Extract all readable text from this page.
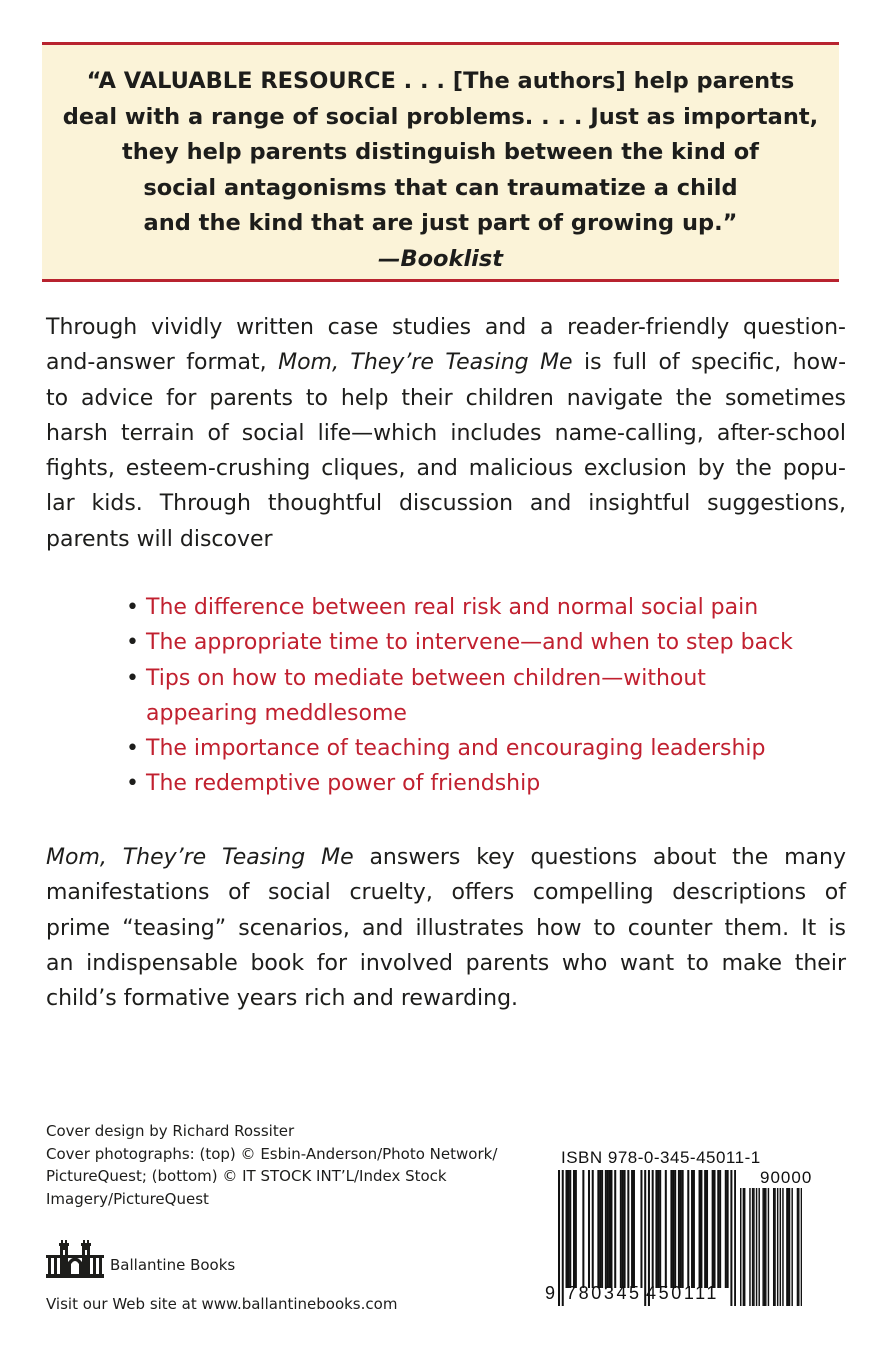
“A VALUABLE RESOURCE . . . [The authors] help parents
deal with a range of social problems. . . . Just as important,
they help parents distinguish between the kind of
social antagonisms that can traumatize a child
and the kind that are just part of growing up.”
—Booklist
Through vividly written case studies and a reader-friendly question-
and-answer format, Mom, They’re Teasing Me is full of specific, how-
to advice for parents to help their children navigate the sometimes
harsh terrain of social life—which includes name-calling, after-school
fights, esteem-crushing cliques, and malicious exclusion by the popu-
lar kids. Through thoughtful discussion and insightful suggestions,
parents will discover
• The difference between real risk and normal social pain
• The appropriate time to intervene—and when to step back
• Tips on how to mediate between children—without
appearing meddlesome
• The importance of teaching and encouraging leadership
• The redemptive power of friendship
Mom, They’re Teasing Me answers key questions about the many
manifestations of social cruelty, offers compelling descriptions of
prime “teasing” scenarios, and illustrates how to counter them. It is
an indispensable book for involved parents who want to make their
child’s formative years rich and rewarding.
Cover design by Richard Rossiter
Cover photographs: (top) © Esbin-Anderson/Photo Network/
PictureQuest; (bottom) © IT STOCK INT’L/Index Stock
Imagery/PictureQuest
Ballantine Books
Visit our Web site at www.ballantinebooks.com
ISBN 978-0-345-45011-1
90000
9 780345 450111
